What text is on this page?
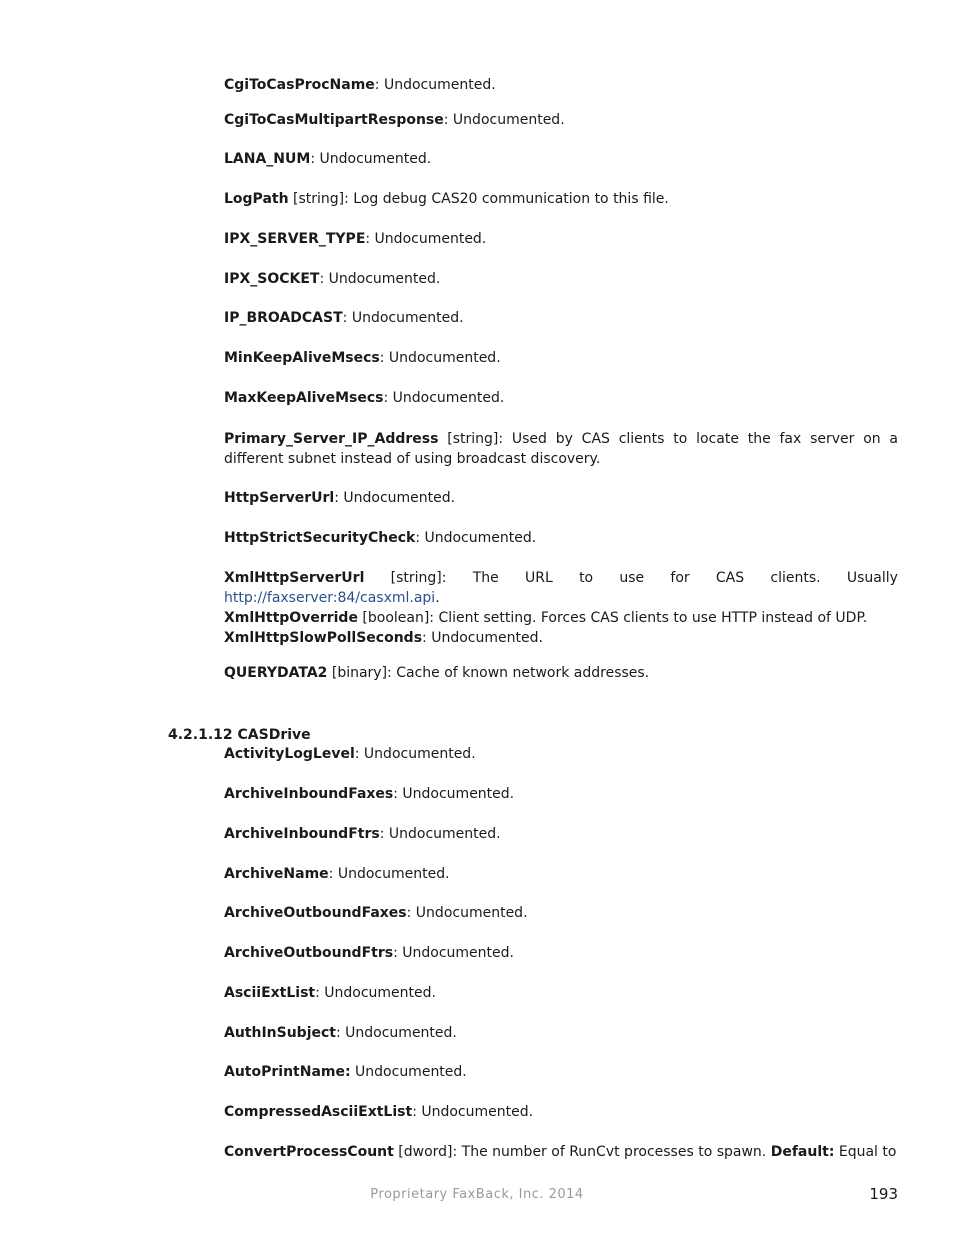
CgiToCasProcName: Undocumented.

CgiToCasMultipartResponse: Undocumented.

LANA_NUM: Undocumented.

LogPath [string]: Log debug CAS20 communication to this file.

IPX_SERVER_TYPE: Undocumented.

IPX_SOCKET: Undocumented.

IP_BROADCAST: Undocumented.

MinKeepAliveMsecs: Undocumented.

MaxKeepAliveMsecs: Undocumented.

Primary_Server_IP_Address [string]: Used by CAS clients to locate the fax server on a different subnet instead of using broadcast discovery.

HttpServerUrl: Undocumented.

HttpStrictSecurityCheck: Undocumented.

XmlHttpServerUrl [string]: The URL to use for CAS clients. Usually
http://faxserver:84/casxml.api.
XmlHttpOverride [boolean]: Client setting. Forces CAS clients to use HTTP instead of UDP.
XmlHttpSlowPollSeconds: Undocumented.

QUERYDATA2 [binary]: Cache of known network addresses.

4.2.1.12 CASDrive

ActivityLogLevel: Undocumented.

ArchiveInboundFaxes: Undocumented.

ArchiveInboundFtrs: Undocumented.

ArchiveName: Undocumented.

ArchiveOutboundFaxes: Undocumented.

ArchiveOutboundFtrs: Undocumented.

AsciiExtList: Undocumented.

AuthInSubject: Undocumented.

AutoPrintName: Undocumented.

CompressedAsciiExtList: Undocumented.

ConvertProcessCount [dword]: The number of RunCvt processes to spawn. Default: Equal to

Proprietary FaxBack, Inc. 2014	193
